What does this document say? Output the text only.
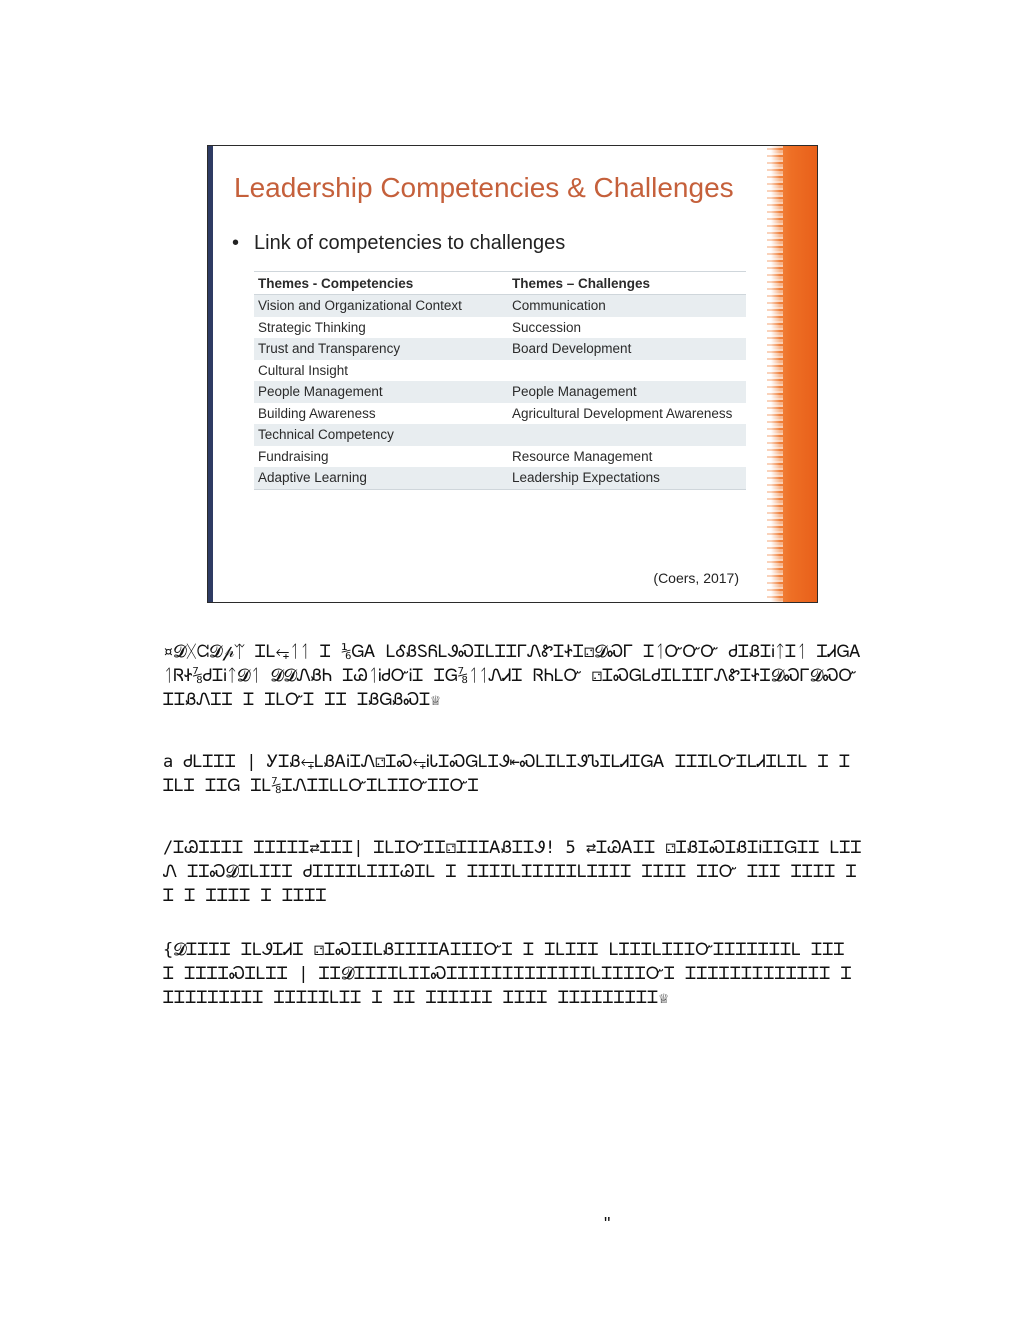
Leadership Competencies & Challenges
• Link of competencies to challenges
Themes - Competencies	Themes – Challenges
Vision and Organizational Context	Communication
Strategic Thinking	Succession
Trust and Transparency	Board Development
Cultural Insight	
People Management	People Management
Building Awareness	Agricultural Development Awareness
Technical Competency	
Fundraising	Resource Management
Adaptive Learning	Leadership Expectations
(Coers, 2017)
¤𝓓ᚷᘳ𝓓𝓅ᛠ ᏆᏞ⥆ᛐᛐ Ꮖ ⅙ᏀᎪ ᏞᎴᏰᏚᏲᏞᏭᏍᏆᏞᏆᏆᎱᏁᏑᏆᏐᏆ⚁𝓓ᏍᎱ ᏆᛐᏅᏅᏅ ᏧᏆᏰᏆᎥᛏᏆᛐ ᏆᏗᏀᎪ ᛐᏒᏐ⅞ᏧᏆᎥᛏ𝓓ᛐ 𝓓𝓓ᏁᏰᏂ ᏆᏊᛐᎥᏧᏅᎥᏆ ᏆᏀ⅞ᛐᛐᏁᏗᏆ ᏒᏂᏞᏅ ⚁ᏆᏍᏀᏞᏧᏆᏞᏆᏆᎱᏁᏑᏆᏐᏆ𝓓ᏍᎱ𝓓ᏍᏅ ᏆᏆᏰᏁᏆᏆ Ꮖ ᏆᏞᏅᏆ ᏆᏆ ᏆᏰᏀᏰᏍᏆ♕
a ᏧᏞᏆᏆᏆ | ᎩᏆᏰ⥆ᏞᏰᎪᎥᏆᏁ⚁ᏆᏍ⥆ᎥᏓᏆᏍᏀᏞᏆᏭ⇤ᏍᏞᏆᏞᏆᏭᏖᏆᏞᏗᏆᏀᎪ ᏆᏆᏆᏞᏅᏆᏞᏗᏆᏞᏆᏞ Ꮖ Ꮖ ᏆᏞᏆ ᏆᏆᏀ ᏆᏞ⅞ᏆᏁᏆᏆᏞᏞᏅᏆᏞᏆᏆᏅᏆᏆᏅᏆ
/ᏆᏊᏆᏆᏆᏆ ᏆᏆᏆᏆᏆ⇄ᏆᏆᏆ| ᏆᏞᏆᏅᏆᏆ⚁ᏆᏆᏆᎪᏰᏆᏆᏭ! 5 ⇄ᏆᏊᎪᏆᏆ ⚁ᏆᏰᏆᏍᏆᏰᏆᎥᏆᏆᏀᏆᏆ ᏞᏆᏆᏁ ᏆᏆᏍ𝓓ᏆᏞᏆᏆᏆ ᏧᏆᏆᏆᏆᏞᏆᏆᏆᏊᏆᏞ Ꮖ ᏆᏆᏆᏆᏞᏆᏆᏆᏆᏆᏞᏆᏆᏆᏆ ᏆᏆᏆᏆ ᏆᏆᏅ ᏆᏆᏆ ᏆᏆᏆᏆ Ꮖ Ꮖ Ꮖ ᏆᏆᏆᏆ Ꮖ ᏆᏆᏆᏆ
{𝓓ᏆᏆᏆᏆ ᏆᏞᏭᏆᏗᏆ ⚁ᏆᏍᏆᏆᏞᏰᏆᏆᏆᏆᎪᏆᏆᏆᏅᏆ Ꮖ ᏆᏞᏆᏆᏆ ᏞᏆᏆᏆᏞᏆᏆᏆᏅᏆᏆᏆᏆᏆᏆᏆᏞ ᏆᏆᏆ Ꮖ ᏆᏆᏆᏆᏍᏆᏞᏆᏆ | ᏆᏆ𝓓ᏆᏆᏆᏆᏞᏆᏆᏍᏆᏆᏆᏆᏆᏆᏆᏆᏆᏆᏆᏆᏆᏞᏆᏆᏆᏆᏅᏆ ᏆᏆᏆᏆᏆᏆᏆᏆᏆᏆᏆᏆᏆ ᏆᏆᏆᏆᏆᏆᏆᏆᏆᏆ ᏆᏆᏆᏆᏆᏞᏆᏆ Ꮖ ᏆᏆ ᏆᏆᏆᏆᏆᏆ ᏆᏆᏆᏆ ᏆᏆᏆᏆᏆᏆᏆᏆᏆ♕
"
